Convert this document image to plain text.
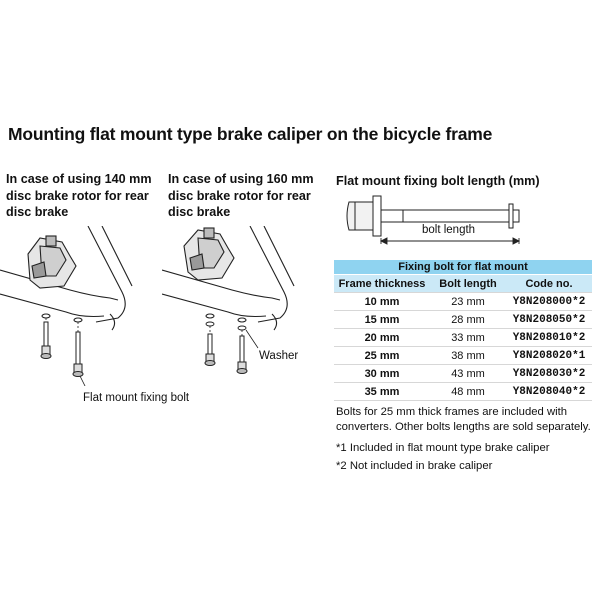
Mounting flat mount type brake caliper on the bicycle frame
In case of using 140 mm disc brake rotor for rear disc brake
In case of using 160 mm disc brake rotor for rear disc brake
Washer
Flat mount fixing bolt
Flat mount fixing bolt length (mm)
bolt length
Fixing bolt for flat mount		
Frame thickness	Bolt length	Code no.
10 mm	23 mm	Y8N208000*2
15 mm	28 mm	Y8N208050*2
20 mm	33 mm	Y8N208010*2
25 mm	38 mm	Y8N208020*1
30 mm	43 mm	Y8N208030*2
35 mm	48 mm	Y8N208040*2
Bolts for 25 mm thick frames are included with converters. Other bolts lengths are sold separately.
*1 Included in flat mount type brake caliper
*2 Not included in brake caliper
